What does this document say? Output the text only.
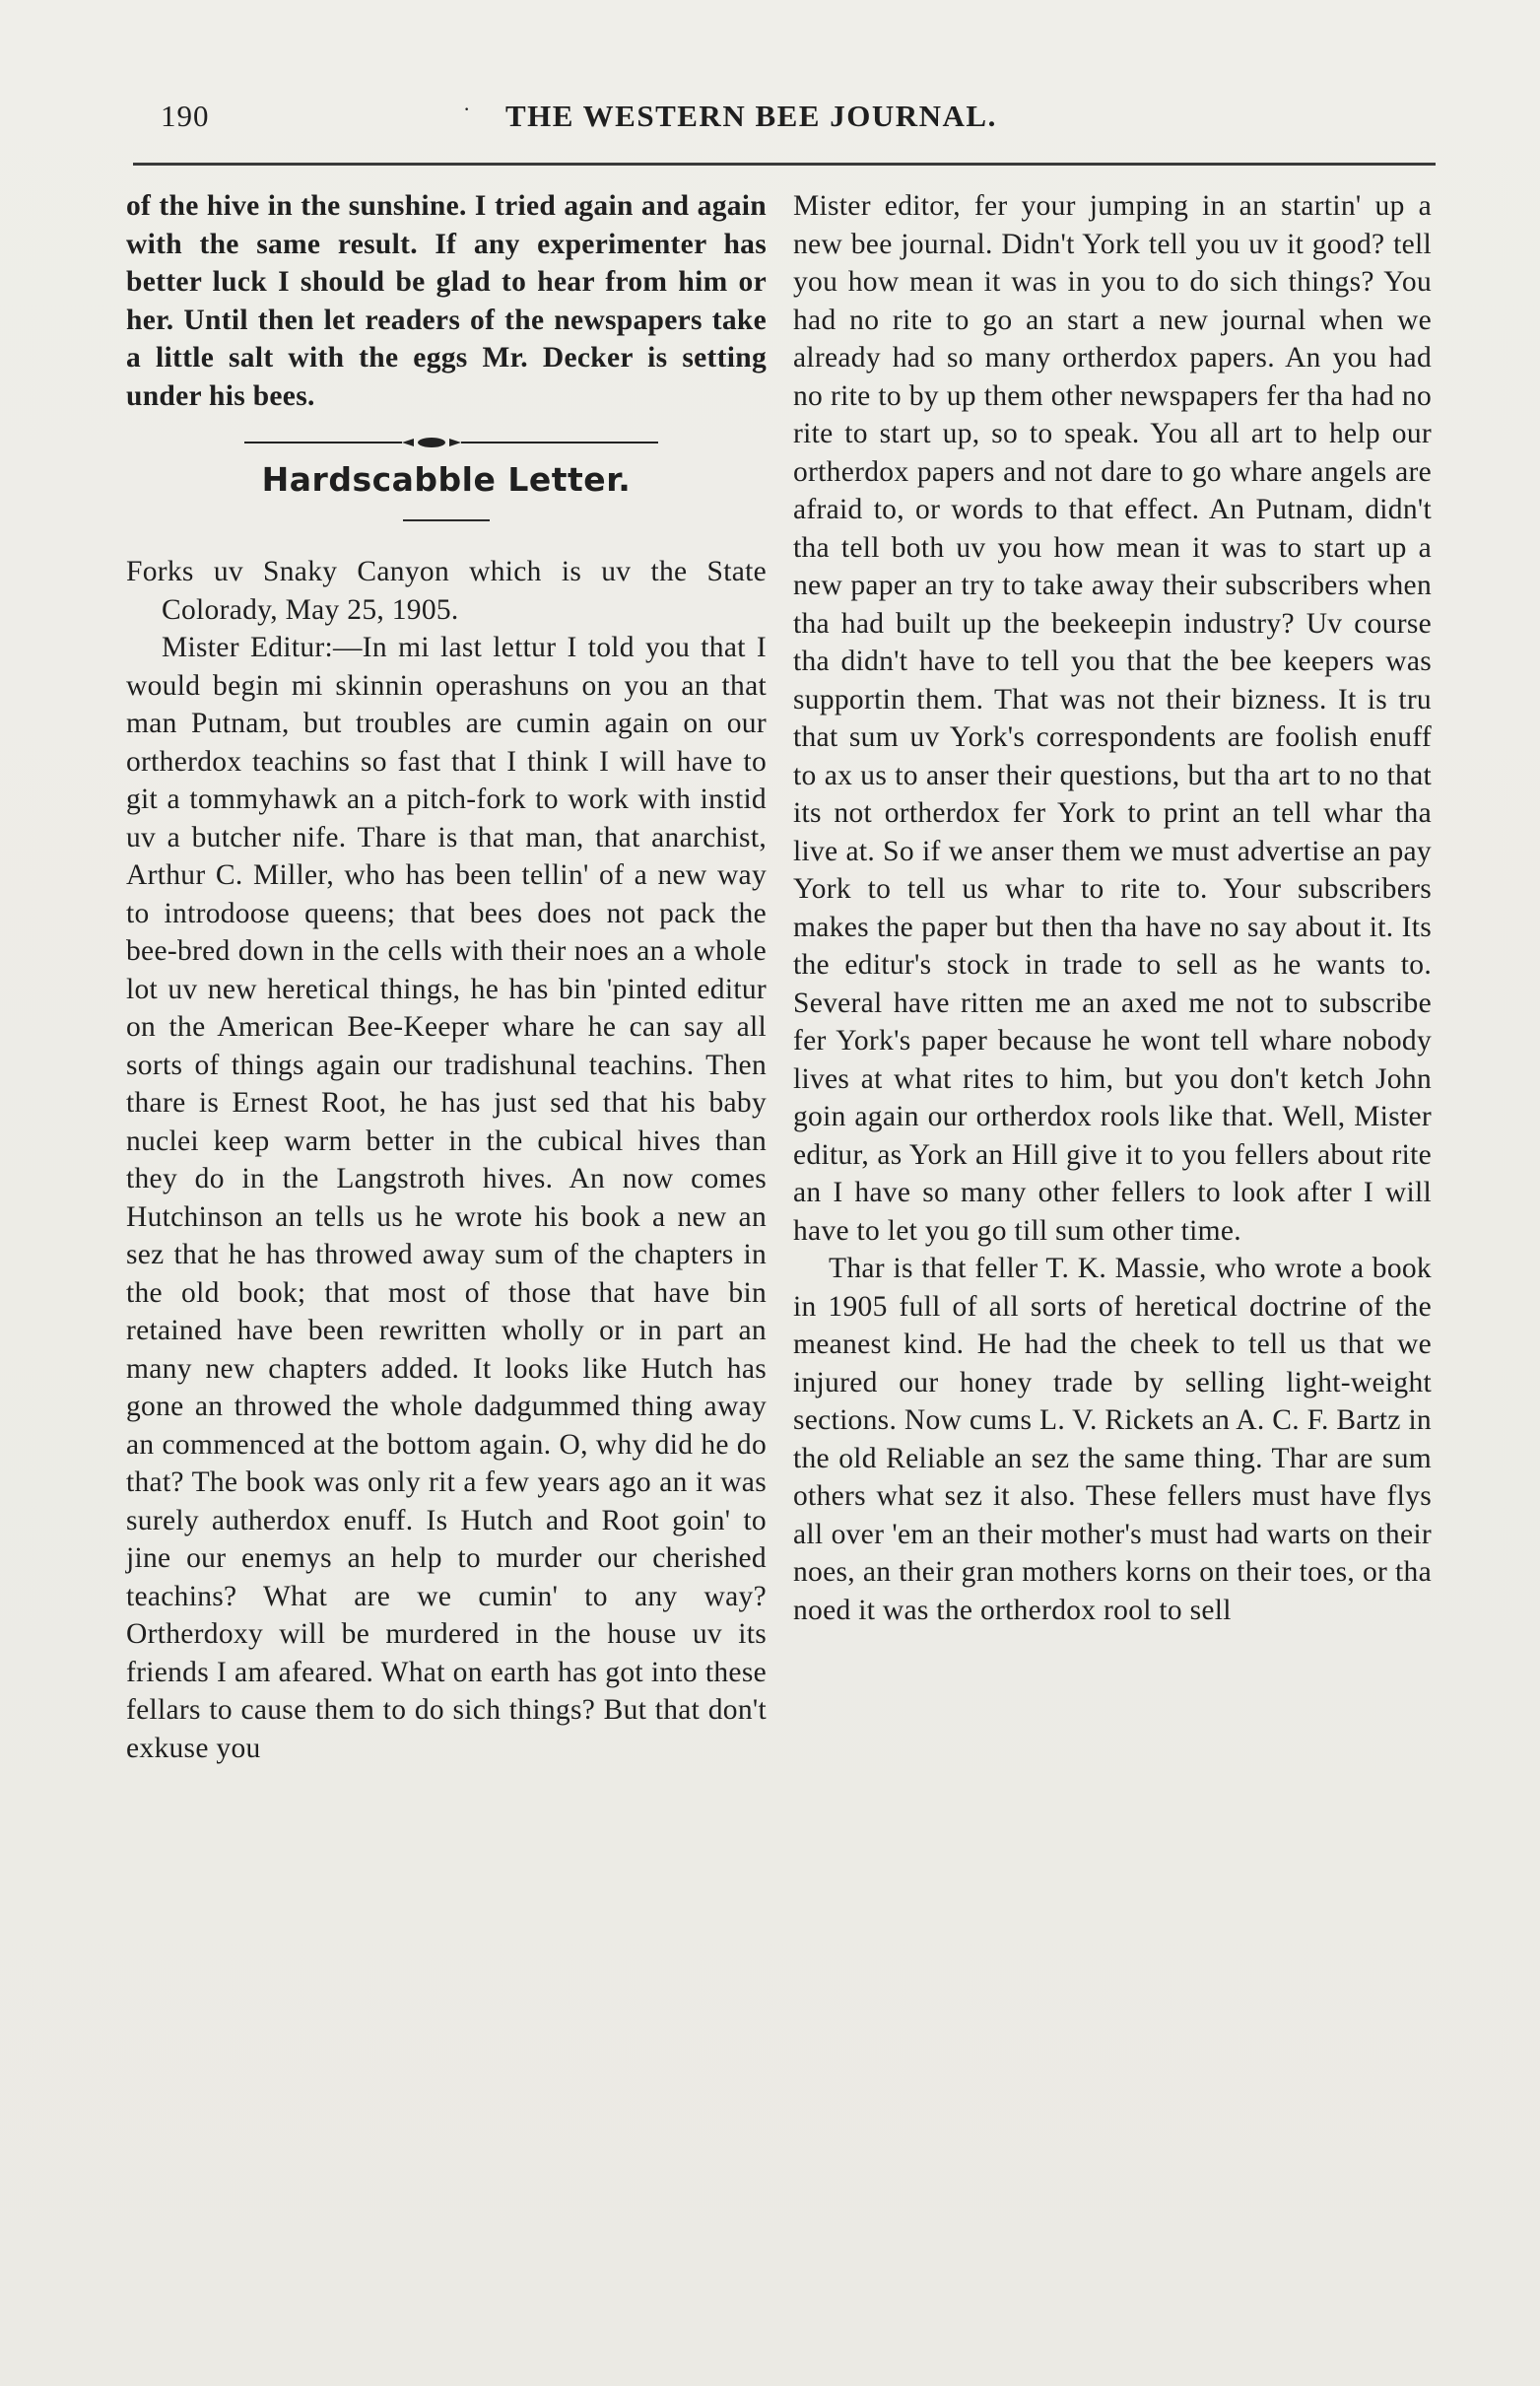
190	· THE WESTERN BEE JOURNAL.

of the hive in the sunshine. I tried again and again with the same result. If any experimenter has better luck I should be glad to hear from him or her. Until then let readers of the newspapers take a little salt with the eggs Mr. Decker is setting under his bees.

Hardscabble Letter.

Forks uv Snaky Canyon which is uv the State Colorady, May 25, 1905.

Mister Editur:—In mi last lettur I told you that I would begin mi skinnin operashuns on you an that man Putnam, but troubles are cumin again on our ortherdox teachins so fast that I think I will have to git a tommyhawk an a pitch-fork to work with instid uv a butcher nife. Thare is that man, that anarchist, Arthur C. Miller, who has been tellin' of a new way to introdoose queens; that bees does not pack the bee-bred down in the cells with their noes an a whole lot uv new heretical things, he has bin 'pinted editur on the American Bee-Keeper whare he can say all sorts of things again our tradishunal teachins. Then thare is Ernest Root, he has just sed that his baby nuclei keep warm better in the cubical hives than they do in the Langstroth hives. An now comes Hutchinson an tells us he wrote his book a new an sez that he has throwed away sum of the chapters in the old book; that most of those that have bin retained have been rewritten wholly or in part an many new chapters added. It looks like Hutch has gone an throwed the whole dadgummed thing away an commenced at the bottom again. O, why did he do that? The book was only rit a few years ago an it was surely autherdox enuff. Is Hutch and Root goin' to jine our enemys an help to murder our cherished teachins? What are we cumin' to any way? Ortherdoxy will be murdered in the house uv its friends I am afeared. What on earth has got into these fellars to cause them to do sich things? But that don't exkuse you

Mister editor, fer your jumping in an startin' up a new bee journal. Didn't York tell you uv it good? tell you how mean it was in you to do sich things? You had no rite to go an start a new journal when we already had so many ortherdox papers. An you had no rite to by up them other newspapers fer tha had no rite to start up, so to speak. You all art to help our ortherdox papers and not dare to go whare angels are afraid to, or words to that effect. An Putnam, didn't tha tell both uv you how mean it was to start up a new paper an try to take away their subscribers when tha had built up the beekeepin industry? Uv course tha didn't have to tell you that the bee keepers was supportin them. That was not their bizness. It is tru that sum uv York's correspondents are foolish enuff to ax us to anser their questions, but tha art to no that its not ortherdox fer York to print an tell whar tha live at. So if we anser them we must advertise an pay York to tell us whar to rite to. Your subscribers makes the paper but then tha have no say about it. Its the editur's stock in trade to sell as he wants to. Several have ritten me an axed me not to subscribe fer York's paper because he wont tell whare nobody lives at what rites to him, but you don't ketch John goin again our ortherdox rools like that. Well, Mister editur, as York an Hill give it to you fellers about rite an I have so many other fellers to look after I will have to let you go till sum other time.

Thar is that feller T. K. Massie, who wrote a book in 1905 full of all sorts of heretical doctrine of the meanest kind. He had the cheek to tell us that we injured our honey trade by selling light-weight sections. Now cums L. V. Rickets an A. C. F. Bartz in the old Reliable an sez the same thing. Thar are sum others what sez it also. These fellers must have flys all over 'em an their mother's must had warts on their noes, an their gran mothers korns on their toes, or tha noed it was the ortherdox rool to sell
